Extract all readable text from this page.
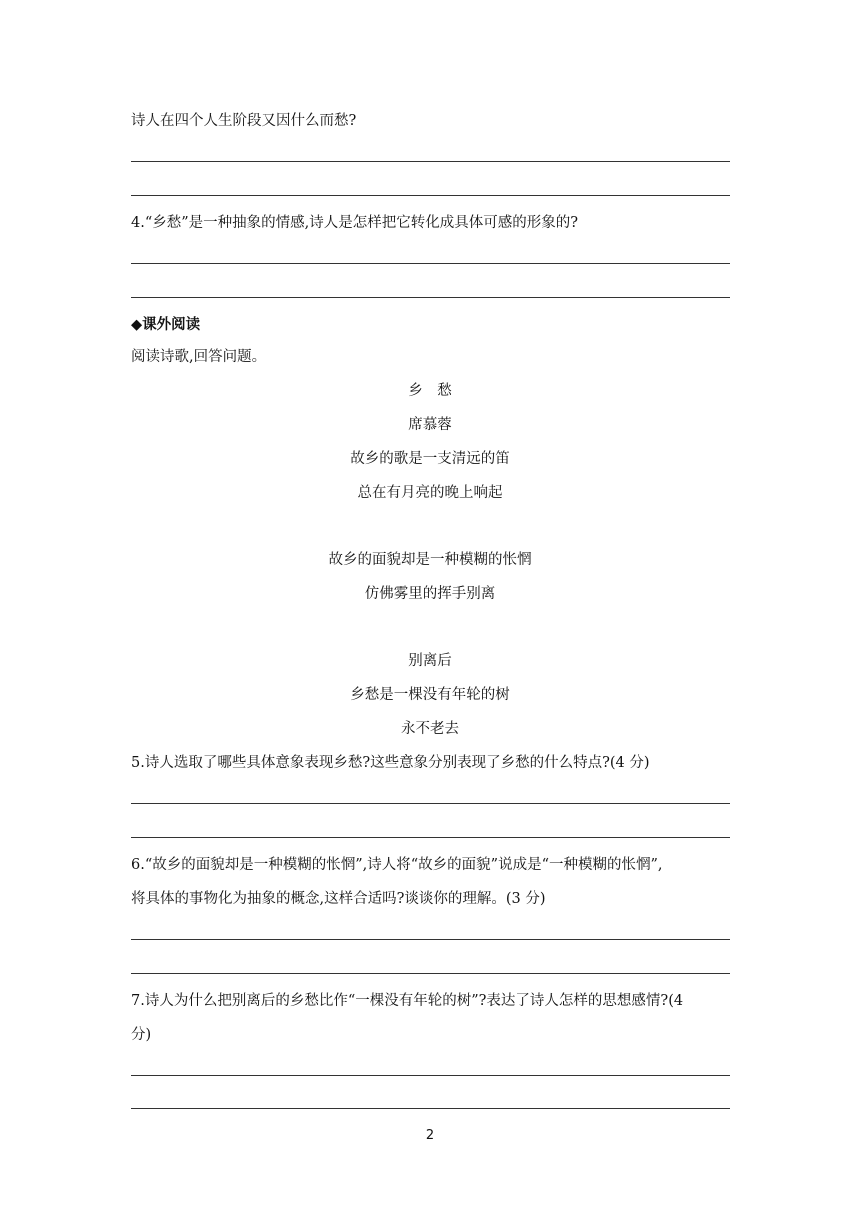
诗人在四个人生阶段又因什么而愁?
4.“乡愁”是一种抽象的情感,诗人是怎样把它转化成具体可感的形象的?
◆课外阅读
阅读诗歌,回答问题。
乡　愁
席慕蓉
故乡的歌是一支清远的笛
总在有月亮的晚上响起
故乡的面貌却是一种模糊的怅惘
仿佛雾里的挥手别离
别离后
乡愁是一棵没有年轮的树
永不老去
5.诗人选取了哪些具体意象表现乡愁?这些意象分别表现了乡愁的什么特点?(4 分)
6.“故乡的面貌却是一种模糊的怅惘”,诗人将“故乡的面貌”说成是“一种模糊的怅惘”,
将具体的事物化为抽象的概念,这样合适吗?谈谈你的理解。(3 分)
7.诗人为什么把别离后的乡愁比作“一棵没有年轮的树”?表达了诗人怎样的思想感情?(4
分)
2
